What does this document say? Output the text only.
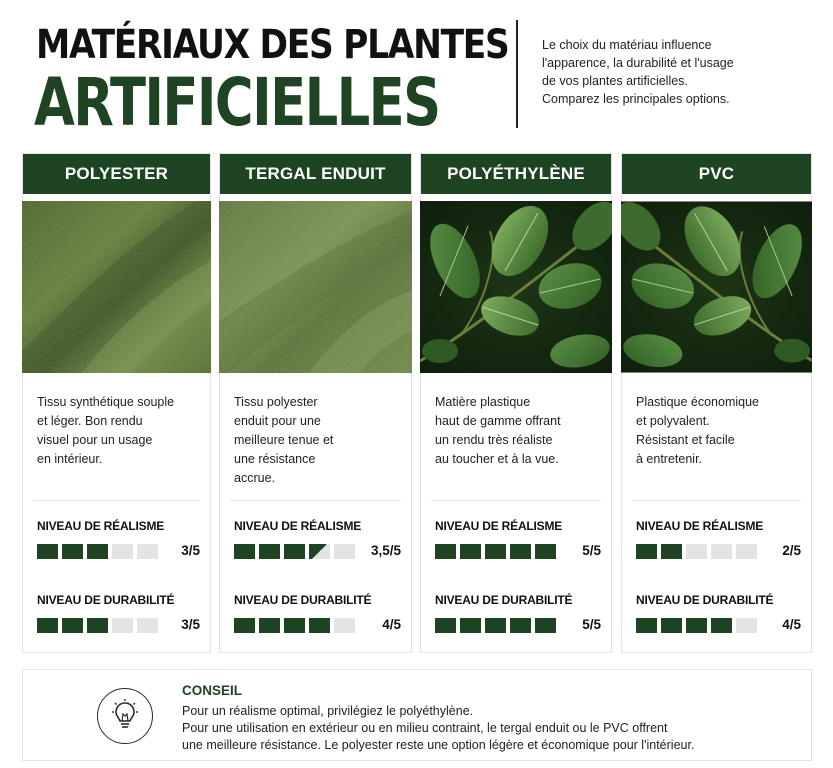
MATÉRIAUX DES PLANTES
ARTIFICIELLES
Le choix du matériau influence
l'apparence, la durabilité et l'usage
de vos plantes artificielles.
Comparez les principales options.
POLYESTER
Tissu synthétique souple
et léger. Bon rendu
visuel pour un usage
en intérieur.
NIVEAU DE RÉALISME
3/5
NIVEAU DE DURABILITÉ
3/5
TERGAL ENDUIT
Tissu polyester
enduit pour une
meilleure tenue et
une résistance
accrue.
NIVEAU DE RÉALISME
3,5/5
NIVEAU DE DURABILITÉ
4/5
POLYÉTHYLÈNE
Matière plastique
haut de gamme offrant
un rendu très réaliste
au toucher et à la vue.
NIVEAU DE RÉALISME
5/5
NIVEAU DE DURABILITÉ
5/5
PVC
Plastique économique
et polyvalent.
Résistant et facile
à entretenir.
NIVEAU DE RÉALISME
2/5
NIVEAU DE DURABILITÉ
4/5
CONSEIL
Pour un réalisme optimal, privilégiez le polyéthylène.
Pour une utilisation en extérieur ou en milieu contraint, le tergal enduit ou le PVC offrent
une meilleure résistance. Le polyester reste une option légère et économique pour l'intérieur.
